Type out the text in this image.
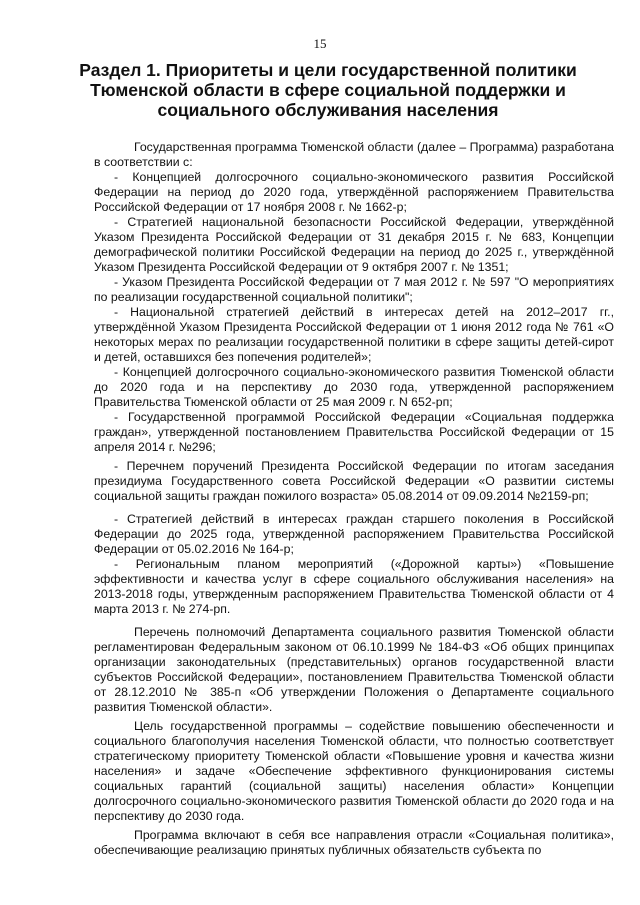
15
Раздел 1. Приоритеты и цели государственной политики Тюменской области в сфере социальной поддержки и социального обслуживания населения

Государственная программа Тюменской области (далее – Программа) разработана в соответствии с:

- Концепцией долгосрочного социально-экономического развития Российской Федерации на период до 2020 года, утверждённой распоряжением Правительства Российской Федерации от 17 ноября 2008 г. № 1662-р;

- Стратегией национальной безопасности Российской Федерации, утверждённой Указом Президента Российской Федерации от 31 декабря 2015 г. № 683, Концепции демографической политики Российской Федерации на период до 2025 г., утверждённой Указом Президента Российской Федерации от 9 октября 2007 г. № 1351;

- Указом Президента Российской Федерации от 7 мая 2012 г. № 597 "О мероприятиях по реализации государственной социальной политики";

- Национальной стратегией действий в интересах детей на 2012–2017 гг., утверждённой Указом Президента Российской Федерации от 1 июня 2012 года № 761 «О некоторых мерах по реализации государственной политики в сфере защиты детей-сирот и детей, оставшихся без попечения родителей»;

- Концепцией долгосрочного социально-экономического развития Тюменской области до 2020 года и на перспективу до 2030 года, утвержденной распоряжением Правительства Тюменской области от 25 мая 2009 г. N 652-рп;

- Государственной программой Российской Федерации «Социальная поддержка граждан», утвержденной постановлением Правительства Российской Федерации от 15 апреля 2014 г. №296;

- Перечнем поручений Президента Российской Федерации по итогам заседания президиума Государственного совета Российской Федерации «О развитии системы социальной защиты граждан пожилого возраста» 05.08.2014 от 09.09.2014 №2159-рп;

- Стратегией действий в интересах граждан старшего поколения в Российской Федерации до 2025 года, утвержденной распоряжением Правительства Российской Федерации от 05.02.2016 № 164-р;

- Региональным планом мероприятий («Дорожной карты») «Повышение эффективности и качества услуг в сфере социального обслуживания населения» на 2013-2018 годы, утвержденным распоряжением Правительства Тюменской области от 4 марта 2013 г. № 274-рп.

Перечень полномочий Департамента социального развития Тюменской области регламентирован Федеральным законом от 06.10.1999 № 184-ФЗ «Об общих принципах организации законодательных (представительных) органов государственной власти субъектов Российской Федерации», постановлением Правительства Тюменской области от 28.12.2010 № 385-п «Об утверждении Положения о Департаменте социального развития Тюменской области».

Цель государственной программы – содействие повышению обеспеченности и социального благополучия населения Тюменской области, что полностью соответствует стратегическому приоритету Тюменской области «Повышение уровня и качества жизни населения» и задаче «Обеспечение эффективного функционирования системы социальных гарантий (социальной защиты) населения области» Концепции долгосрочного социально-экономического развития Тюменской области до 2020 года и на перспективу до 2030 года.

Программа включают в себя все направления отрасли «Социальная политика», обеспечивающие реализацию принятых публичных обязательств субъекта по
